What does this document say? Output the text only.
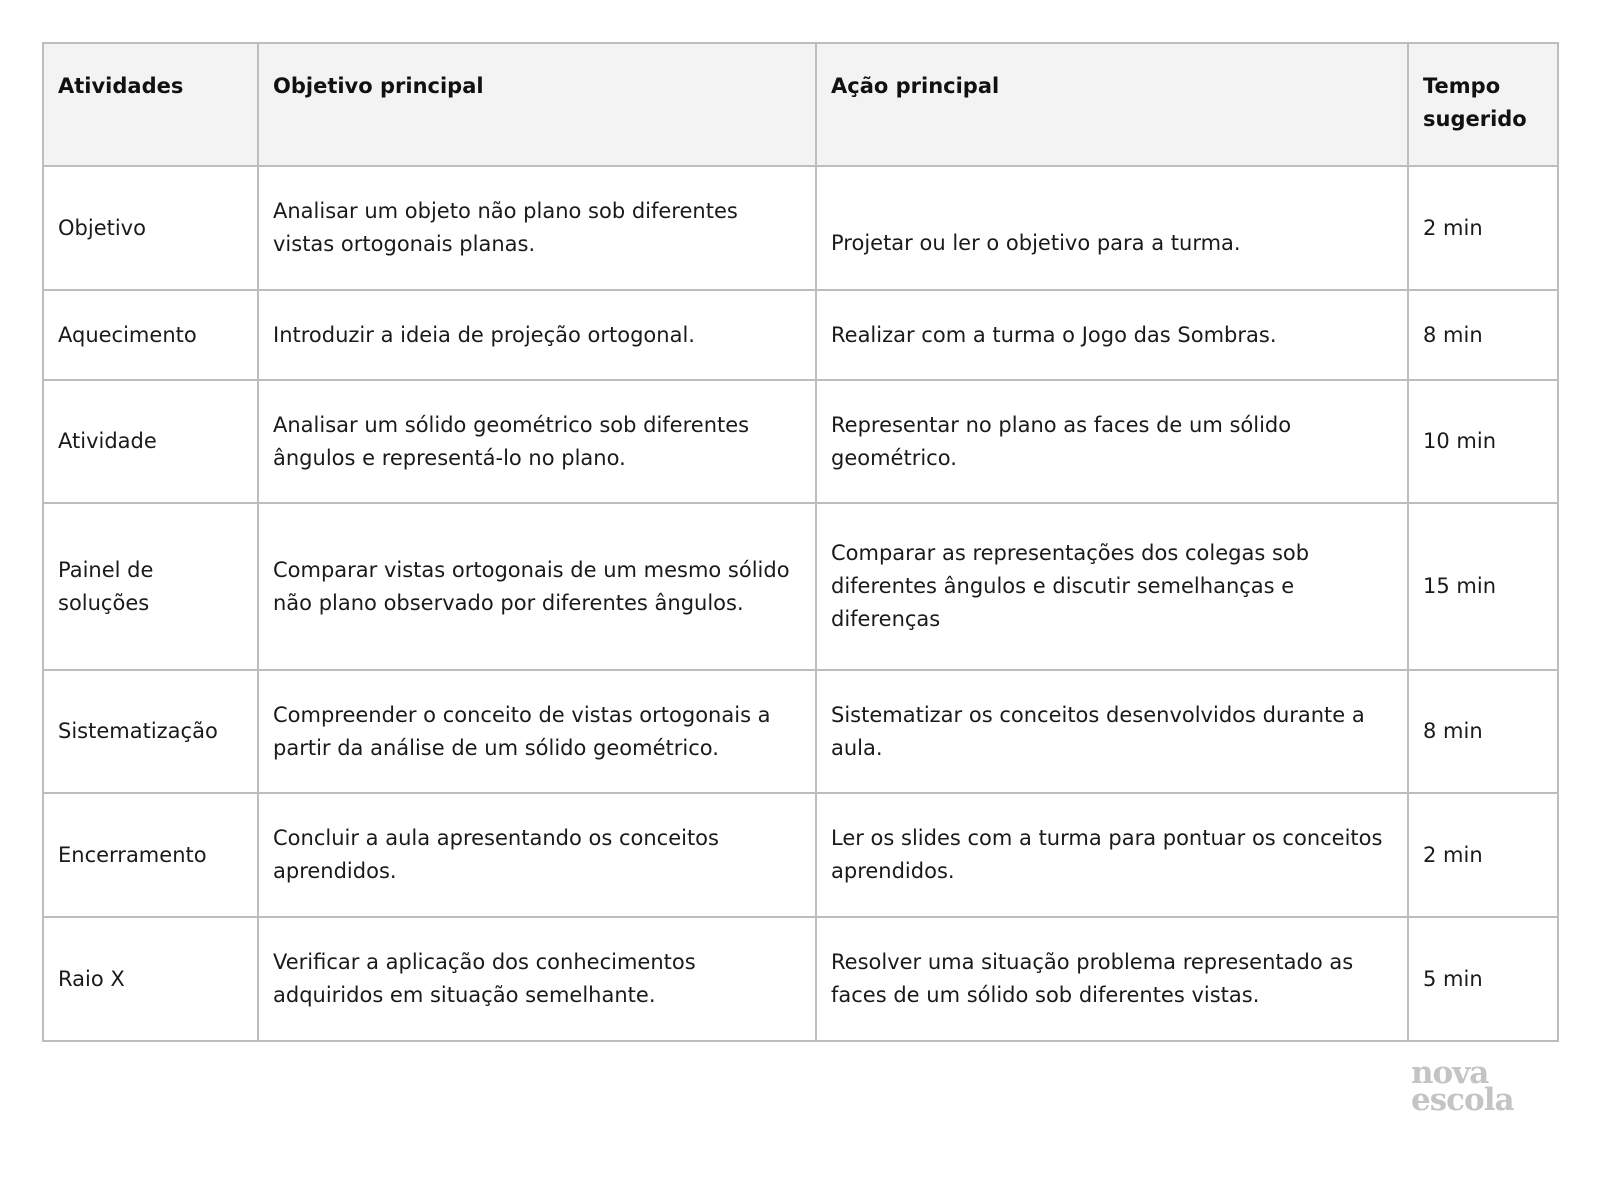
Atividades	Objetivo principal	Ação principal	Tempo sugerido
Objetivo	Analisar um objeto não plano sob diferentes vistas ortogonais planas.	Projetar ou ler o objetivo para a turma.	2 min
Aquecimento	Introduzir a ideia de projeção ortogonal.	Realizar com a turma o Jogo das Sombras.	8 min
Atividade	Analisar um sólido geométrico sob diferentes ângulos e representá-lo no plano.	Representar no plano as faces de um sólido geométrico.	10 min
Painel de soluções	Comparar vistas ortogonais de um mesmo sólido não plano observado por diferentes ângulos.	Comparar as representações dos colegas sob diferentes ângulos e discutir semelhanças e diferenças	15 min
Sistematização	Compreender o conceito de vistas ortogonais a partir da análise de um sólido geométrico.	Sistematizar os conceitos desenvolvidos durante a aula.	8 min
Encerramento	Concluir a aula apresentando os conceitos aprendidos.	Ler os slides com a turma para pontuar os conceitos aprendidos.	2 min
Raio X	Verificar a aplicação dos conhecimentos adquiridos em situação semelhante.	Resolver uma situação problema representado as faces de um sólido sob diferentes vistas.	5 min
nova
escola
